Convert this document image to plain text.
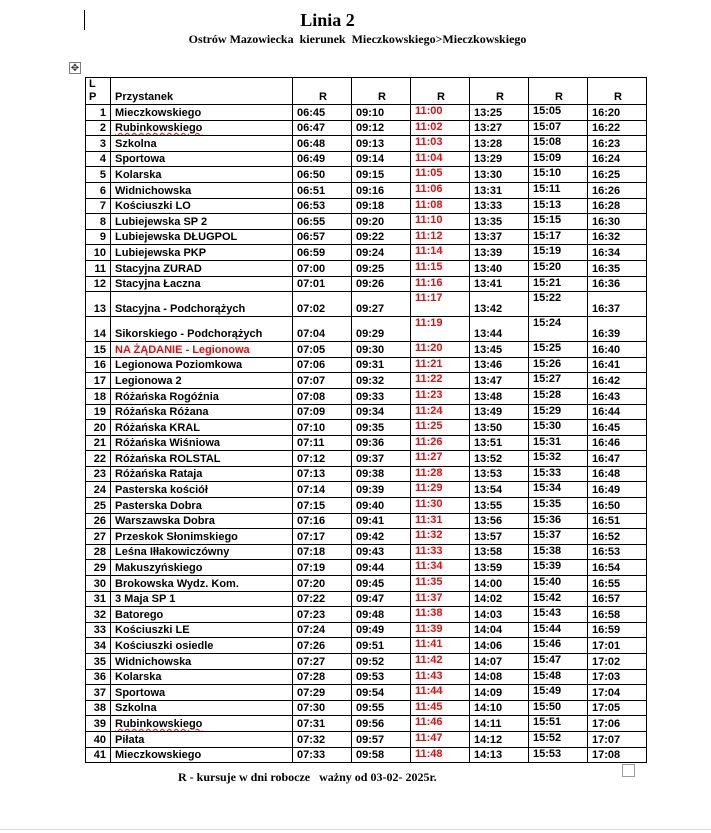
Linia 2
Ostrów Mazowiecka  kierunek  Mieczkowskiego>Mieczkowskiego
✥
L
P	Przystanek	R	R	R	R	R	R
1	Mieczkowskiego	06:45	09:10	11:00	13:25	15:05	16:20
2	Rubinkowskiego	06:47	09:12	11:02	13:27	15:07	16:22
3	Szkolna	06:48	09:13	11:03	13:28	15:08	16:23
4	Sportowa	06:49	09:14	11:04	13:29	15:09	16:24
5	Kolarska	06:50	09:15	11:05	13:30	15:10	16:25
6	Widnichowska	06:51	09:16	11:06	13:31	15:11	16:26
7	Kościuszki LO	06:53	09:18	11:08	13:33	15:13	16:28
8	Lubiejewska SP 2	06:55	09:20	11:10	13:35	15:15	16:30
9	Lubiejewska DŁUGPOL	06:57	09:22	11:12	13:37	15:17	16:32
10	Lubiejewska PKP	06:59	09:24	11:14	13:39	15:19	16:34
11	Stacyjna ZURAD	07:00	09:25	11:15	13:40	15:20	16:35
12	Stacyjna Łaczna	07:01	09:26	11:16	13:41	15:21	16:36
13	Stacyjna - Podchorążych	07:02	09:27	11:17	13:42	15:22	16:37
14	Sikorskiego - Podchorążych	07:04	09:29	11:19	13:44	15:24	16:39
15	NA ŻĄDANIE - Legionowa	07:05	09:30	11:20	13:45	15:25	16:40
16	Legionowa Poziomkowa	07:06	09:31	11:21	13:46	15:26	16:41
17	Legionowa 2	07:07	09:32	11:22	13:47	15:27	16:42
18	Różańska Rogóźnia	07:08	09:33	11:23	13:48	15:28	16:43
19	Różańska Różana	07:09	09:34	11:24	13:49	15:29	16:44
20	Różańska KRAL	07:10	09:35	11:25	13:50	15:30	16:45
21	Różańska Wiśniowa	07:11	09:36	11:26	13:51	15:31	16:46
22	Różańska ROLSTAL	07:12	09:37	11:27	13:52	15:32	16:47
23	Różańska Rataja	07:13	09:38	11:28	13:53	15:33	16:48
24	Pasterska kościół	07:14	09:39	11:29	13:54	15:34	16:49
25	Pasterska Dobra	07:15	09:40	11:30	13:55	15:35	16:50
26	Warszawska Dobra	07:16	09:41	11:31	13:56	15:36	16:51
27	Przeskok Słonimskiego	07:17	09:42	11:32	13:57	15:37	16:52
28	Leśna Iłłakowiczówny	07:18	09:43	11:33	13:58	15:38	16:53
29	Makuszyńskiego	07:19	09:44	11:34	13:59	15:39	16:54
30	Brokowska Wydz. Kom.	07:20	09:45	11:35	14:00	15:40	16:55
31	3 Maja SP 1	07:22	09:47	11:37	14:02	15:42	16:57
32	Batorego	07:23	09:48	11:38	14:03	15:43	16:58
33	Kościuszki LE	07:24	09:49	11:39	14:04	15:44	16:59
34	Kościuszki osiedle	07:26	09:51	11:41	14:06	15:46	17:01
35	Widnichowska	07:27	09:52	11:42	14:07	15:47	17:02
36	Kolarska	07:28	09:53	11:43	14:08	15:48	17:03
37	Sportowa	07:29	09:54	11:44	14:09	15:49	17:04
38	Szkolna	07:30	09:55	11:45	14:10	15:50	17:05
39	Rubinkowskiego	07:31	09:56	11:46	14:11	15:51	17:06
40	Piłata	07:32	09:57	11:47	14:12	15:52	17:07
41	Mieczkowskiego	07:33	09:58	11:48	14:13	15:53	17:08
R - kursuje w dni robocze   ważny od 03-02- 2025r.
